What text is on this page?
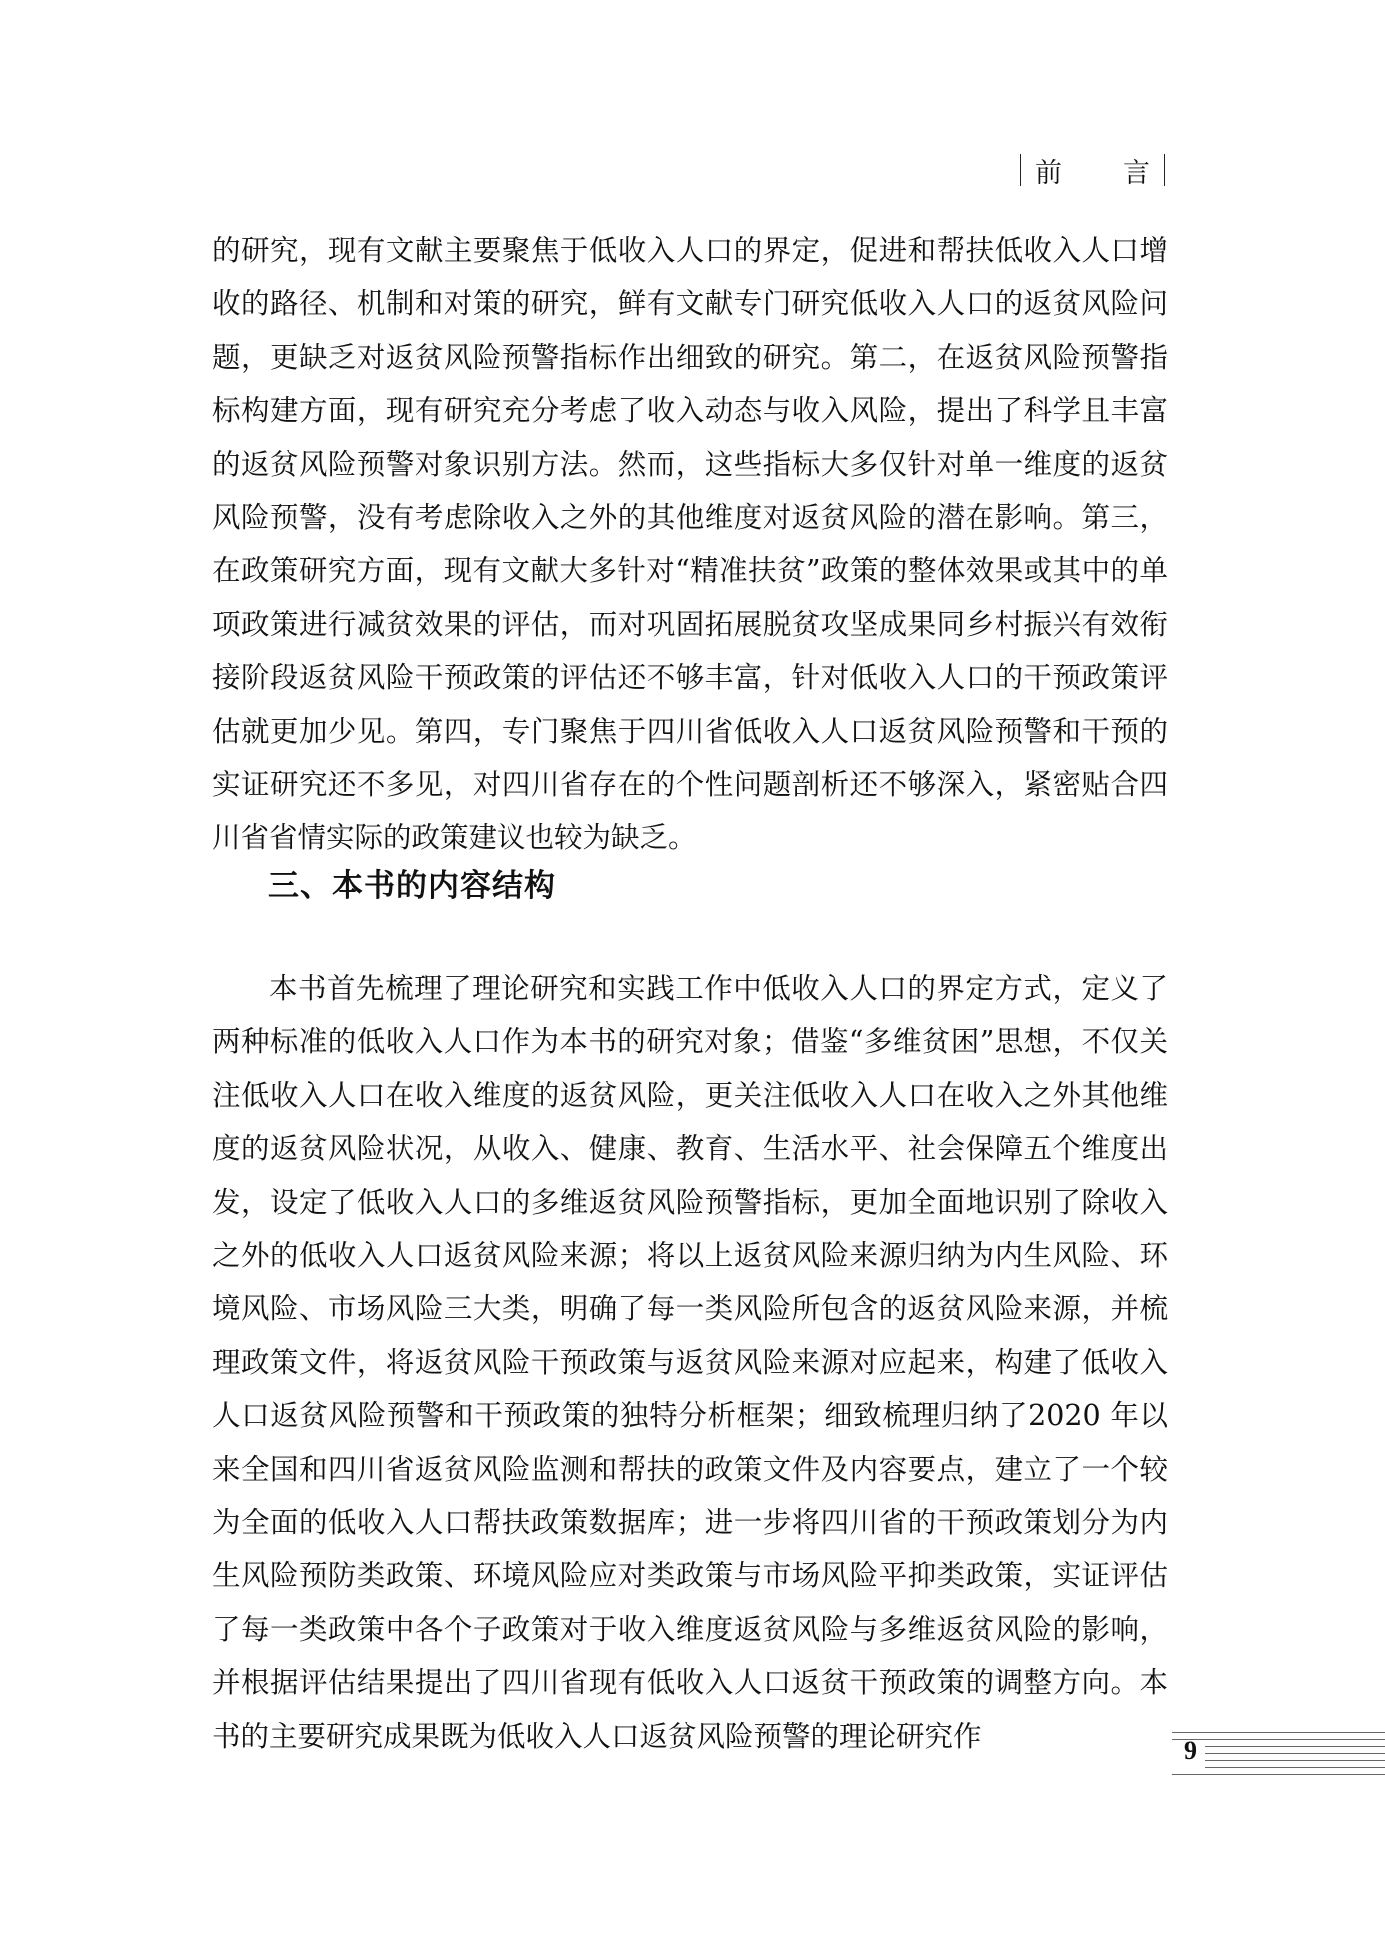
前 言
的研究，现有文献主要聚焦于低收入人口的界定，促进和帮扶低收入人口增收的路径、机制和对策的研究，鲜有文献专门研究低收入人口的返贫风险问题，更缺乏对返贫风险预警指标作出细致的研究。第二，在返贫风险预警指标构建方面，现有研究充分考虑了收入动态与收入风险，提出了科学且丰富的返贫风险预警对象识别方法。然而，这些指标大多仅针对单一维度的返贫风险预警，没有考虑除收入之外的其他维度对返贫风险的潜在影响。第三，在政策研究方面，现有文献大多针对“精准扶贫”政策的整体效果或其中的单项政策进行减贫效果的评估，而对巩固拓展脱贫攻坚成果同乡村振兴有效衔接阶段返贫风险干预政策的评估还不够丰富，针对低收入人口的干预政策评估就更加少见。第四，专门聚焦于四川省低收入人口返贫风险预警和干预的实证研究还不多见，对四川省存在的个性问题剖析还不够深入，紧密贴合四川省省情实际的政策建议也较为缺乏。
三、本书的内容结构
本书首先梳理了理论研究和实践工作中低收入人口的界定方式，定义了两种标准的低收入人口作为本书的研究对象；借鉴“多维贫困”思想，不仅关注低收入人口在收入维度的返贫风险，更关注低收入人口在收入之外其他维度的返贫风险状况，从收入、健康、教育、生活水平、社会保障五个维度出发，设定了低收入人口的多维返贫风险预警指标，更加全面地识别了除收入之外的低收入人口返贫风险来源；将以上返贫风险来源归纳为内生风险、环境风险、市场风险三大类，明确了每一类风险所包含的返贫风险来源，并梳理政策文件，将返贫风险干预政策与返贫风险来源对应起来，构建了低收入人口返贫风险预警和干预政策的独特分析框架；细致梳理归纳了2020 年以来全国和四川省返贫风险监测和帮扶的政策文件及内容要点，建立了一个较为全面的低收入人口帮扶政策数据库；进一步将四川省的干预政策划分为内生风险预防类政策、环境风险应对类政策与市场风险平抑类政策，实证评估了每一类政策中各个子政策对于收入维度返贫风险与多维返贫风险的影响，并根据评估结果提出了四川省现有低收入人口返贫干预政策的调整方向。本书的主要研究成果既为低收入人口返贫风险预警的理论研究作	9
